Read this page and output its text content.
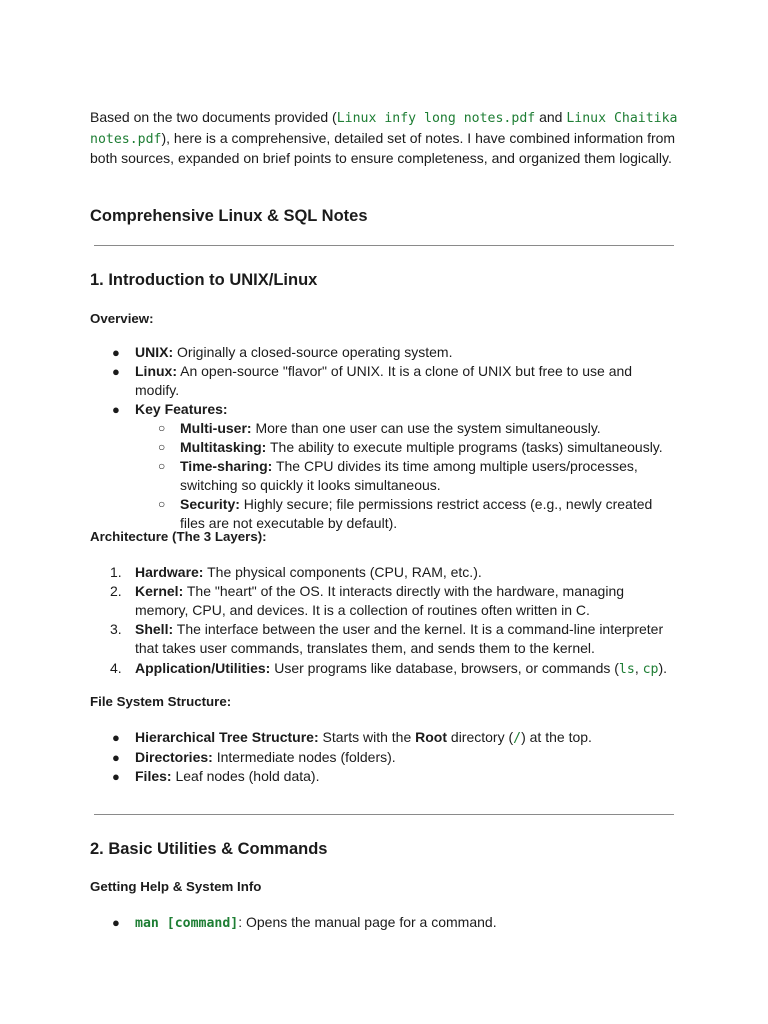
Based on the two documents provided (Linux infy long notes.pdf and Linux Chaitika notes.pdf), here is a comprehensive, detailed set of notes. I have combined information from both sources, expanded on brief points to ensure completeness, and organized them logically.

Comprehensive Linux & SQL Notes
1. Introduction to UNIX/Linux
Overview:
● UNIX: Originally a closed-source operating system.
● Linux: An open-source "flavor" of UNIX. It is a clone of UNIX but free to use and modify.
● Key Features:
○ Multi-user: More than one user can use the system simultaneously.
○ Multitasking: The ability to execute multiple programs (tasks) simultaneously.
○ Time-sharing: The CPU divides its time among multiple users/processes, switching so quickly it looks simultaneous.
○ Security: Highly secure; file permissions restrict access (e.g., newly created files are not executable by default).
Architecture (The 3 Layers):
1. Hardware: The physical components (CPU, RAM, etc.).
2. Kernel: The "heart" of the OS. It interacts directly with the hardware, managing memory, CPU, and devices. It is a collection of routines often written in C.
3. Shell: The interface between the user and the kernel. It is a command-line interpreter that takes user commands, translates them, and sends them to the kernel.
4. Application/Utilities: User programs like database, browsers, or commands (ls, cp).
File System Structure:
● Hierarchical Tree Structure: Starts with the Root directory (/) at the top.
● Directories: Intermediate nodes (folders).
● Files: Leaf nodes (hold data).
2. Basic Utilities & Commands
Getting Help & System Info
● man [command]: Opens the manual page for a command.
